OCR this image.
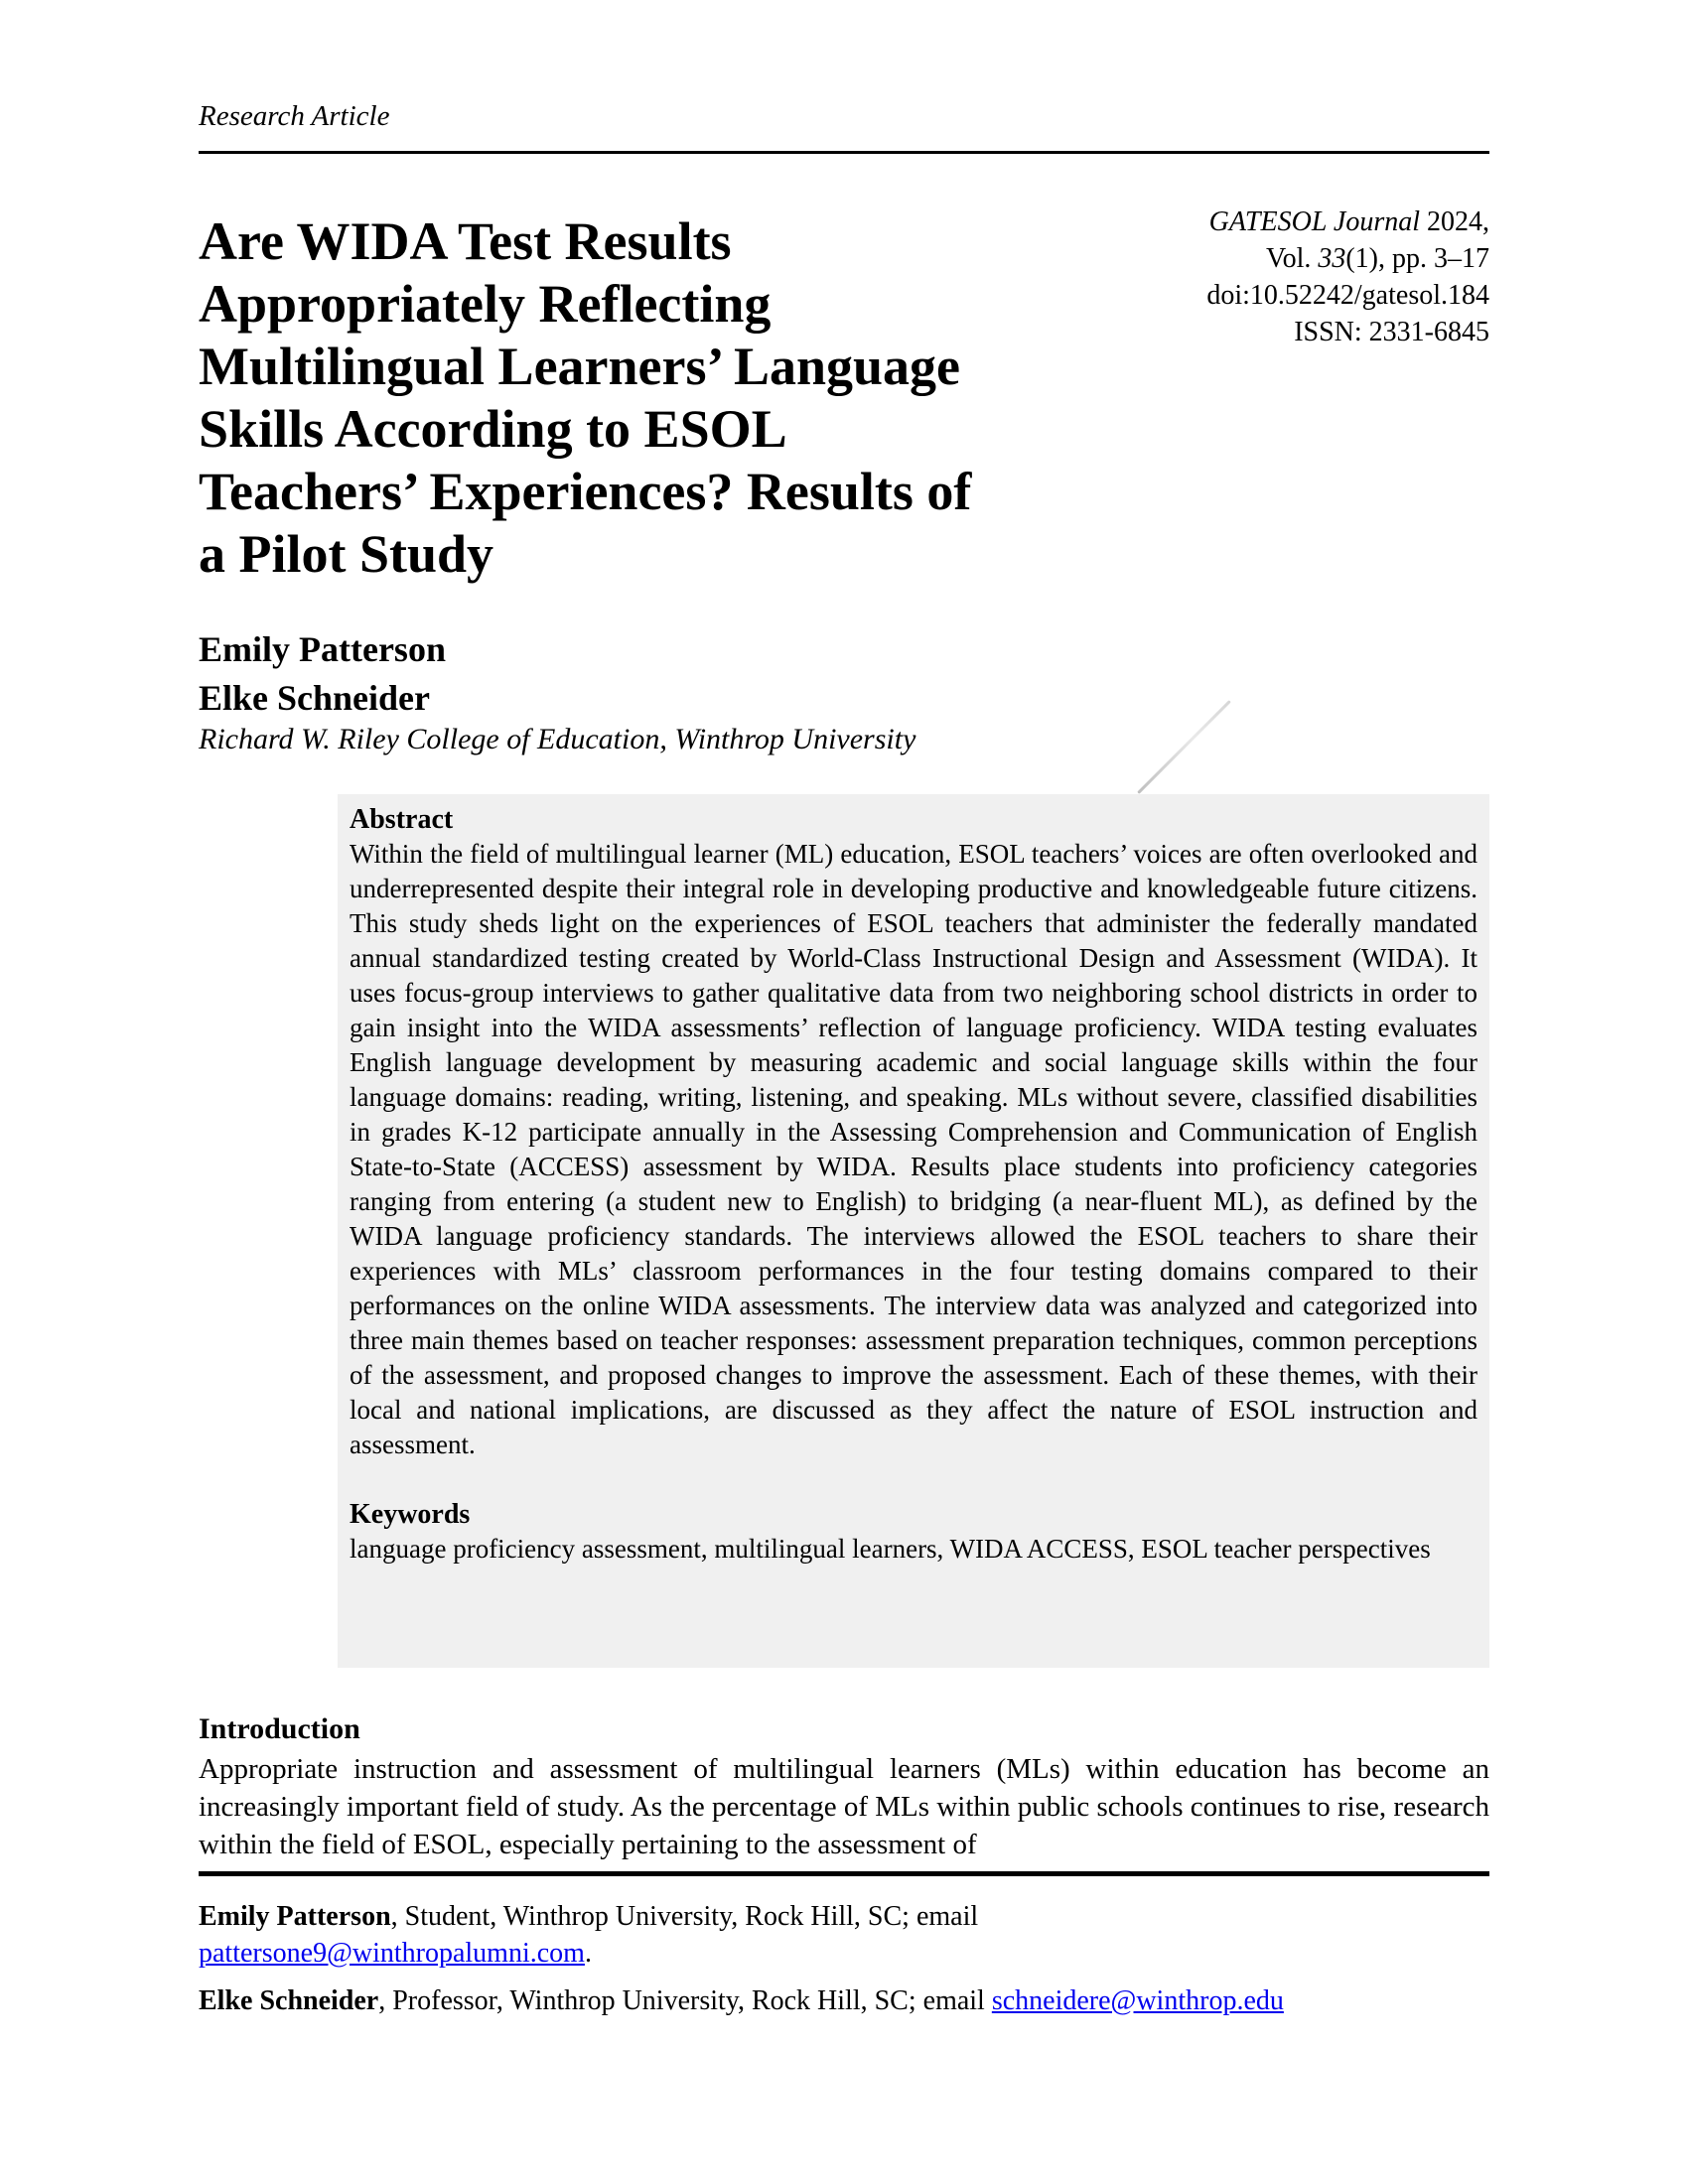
Research Article
Are WIDA Test Results
Appropriately Reflecting
Multilingual Learners’ Language
Skills According to ESOL
Teachers’ Experiences? Results of
a Pilot Study
GATESOL Journal 2024,
Vol. 33(1), pp. 3–17
doi:10.52242/gatesol.184
ISSN: 2331-6845
Emily Patterson
Elke Schneider
Richard W. Riley College of Education, Winthrop University
Abstract

Within the field of multilingual learner (ML) education, ESOL teachers’ voices are often overlooked and underrepresented despite their integral role in developing productive and knowledgeable future citizens. This study sheds light on the experiences of ESOL teachers that administer the federally mandated annual standardized testing created by World-Class Instructional Design and Assessment (WIDA). It uses focus-group interviews to gather qualitative data from two neighboring school districts in order to gain insight into the WIDA assessments’ reflection of language proficiency. WIDA testing evaluates English language development by measuring academic and social language skills within the four language domains: reading, writing, listening, and speaking. MLs without severe, classified disabilities in grades K-12 participate annually in the Assessing Comprehension and Communication of English State-to-State (ACCESS) assessment by WIDA. Results place students into proficiency categories ranging from entering (a student new to English) to bridging (a near-fluent ML), as defined by the WIDA language proficiency standards. The interviews allowed the ESOL teachers to share their experiences with MLs’ classroom performances in the four testing domains compared to their performances on the online WIDA assessments. The interview data was analyzed and categorized into three main themes based on teacher responses: assessment preparation techniques, common perceptions of the assessment, and proposed changes to improve the assessment. Each of these themes, with their local and national implications, are discussed as they affect the nature of ESOL instruction and assessment.

Keywords

language proficiency assessment, multilingual learners, WIDA ACCESS, ESOL teacher perspectives

Introduction

Appropriate instruction and assessment of multilingual learners (MLs) within education has become an increasingly important field of study. As the percentage of MLs within public schools continues to rise, research within the field of ESOL, especially pertaining to the assessment of

Emily Patterson, Student, Winthrop University, Rock Hill, SC; email
pattersone9@winthropalumni.com.

Elke Schneider, Professor, Winthrop University, Rock Hill, SC; email schneidere@winthrop.edu
